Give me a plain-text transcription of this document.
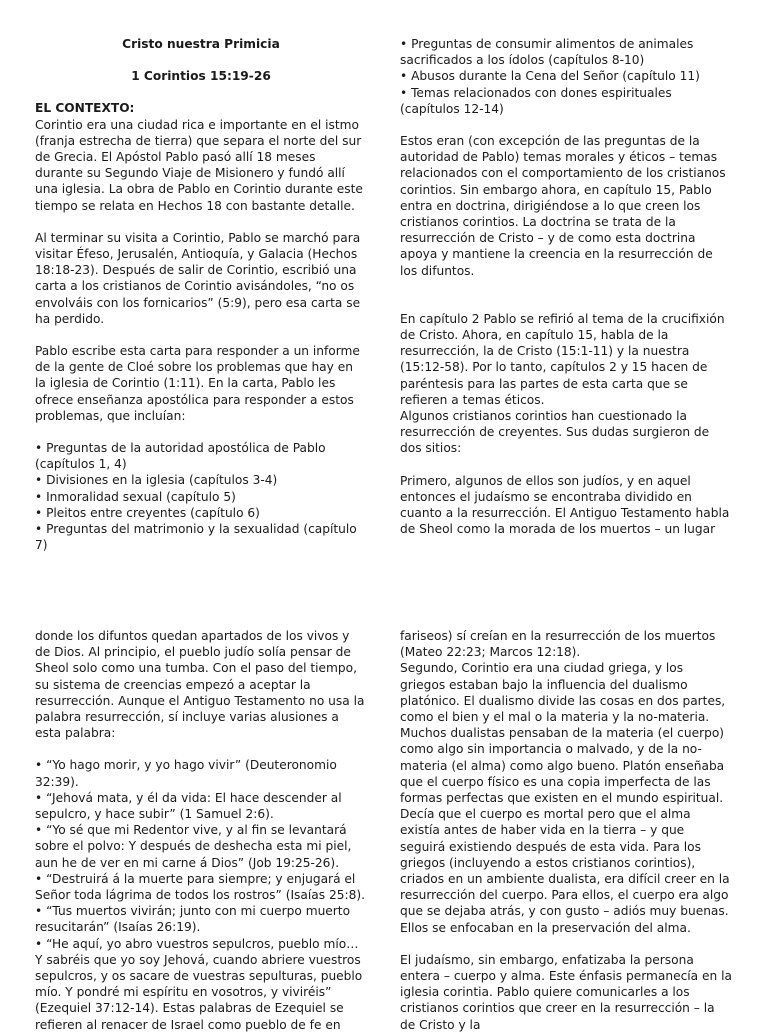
Cristo nuestra Primicia

1 Corintios 15:19-26

EL CONTEXTO:

Corintio era una ciudad rica e importante en el istmo (franja estrecha de tierra) que separa el norte del sur de Grecia. El Apóstol Pablo pasó allí 18 meses durante su Segundo Viaje de Misionero y fundó allí una iglesia. La obra de Pablo en Corintio durante este tiempo se relata en Hechos 18 con bastante detalle.

Al terminar su visita a Corintio, Pablo se marchó para visitar Éfeso, Jerusalén, Antioquía, y Galacia (Hechos 18:18-23). Después de salir de Corintio, escribió una carta a los cristianos de Corintio avisándoles, “no os envolváis con los fornicarios” (5:9), pero esa carta se ha perdido.

Pablo escribe esta carta para responder a un informe de la gente de Cloé sobre los problemas que hay en la iglesia de Corintio (1:11). En la carta, Pablo les ofrece enseñanza apostólica para responder a estos problemas, que incluían:

• Preguntas de la autoridad apostólica de Pablo (capítulos 1, 4)
• Divisiones en la iglesia (capítulos 3-4)
• Inmoralidad sexual (capítulo 5)
• Pleitos entre creyentes (capítulo 6)
• Preguntas del matrimonio y la sexualidad (capítulo 7)
• Preguntas de consumir alimentos de animales sacrificados a los ídolos (capítulos 8-10)
• Abusos durante la Cena del Señor (capítulo 11)
• Temas relacionados con dones espirituales (capítulos 12-14)

Estos eran (con excepción de las preguntas de la autoridad de Pablo) temas morales y éticos – temas relacionados con el comportamiento de los cristianos corintios. Sin embargo ahora, en capítulo 15, Pablo entra en doctrina, dirigiéndose a lo que creen los cristianos corintios. La doctrina se trata de la resurrección de Cristo – y de como esta doctrina apoya y mantiene la creencia en la resurrección de los difuntos.

En capítulo 2 Pablo se refirió al tema de la crucifixión de Cristo. Ahora, en capítulo 15, habla de la resurrección, la de Cristo (15:1-11) y la nuestra (15:12-58). Por lo tanto, capítulos 2 y 15 hacen de paréntesis para las partes de esta carta que se refieren a temas éticos.

Algunos cristianos corintios han cuestionado la resurrección de creyentes. Sus dudas surgieron de dos sitios:

Primero, algunos de ellos son judíos, y en aquel entonces el judaísmo se encontraba dividido en cuanto a la resurrección. El Antiguo Testamento habla de Sheol como la morada de los muertos – un lugar

donde los difuntos quedan apartados de los vivos y de Dios. Al principio, el pueblo judío solía pensar de Sheol solo como una tumba. Con el paso del tiempo, su sistema de creencias empezó a aceptar la resurrección. Aunque el Antiguo Testamento no usa la palabra resurrección, sí incluye varias alusiones a esta palabra:

• “Yo hago morir, y yo hago vivir” (Deuteronomio 32:39).
• “Jehová mata, y él da vida: El hace descender al sepulcro, y hace subir” (1 Samuel 2:6).
• “Yo sé que mi Redentor vive, y al fin se levantará sobre el polvo: Y después de deshecha esta mi piel, aun he de ver en mi carne á Dios” (Job 19:25-26).
• “Destruirá á la muerte para siempre; y enjugará el Señor toda lágrima de todos los rostros” (Isaías 25:8).
• “Tus muertos vivirán; junto con mi cuerpo muerto resucitarán” (Isaías 26:19).
• “He aquí, yo abro vuestros sepulcros, pueblo mío… Y sabréis que yo soy Jehová, cuando abriere vuestros sepulcros, y os sacare de vuestras sepulturas, pueblo mío. Y pondré mi espíritu en vosotros, y viviréis” (Ezequiel 37:12-14). Estas palabras de Ezequiel se refieren al renacer de Israel como pueblo de fe en

fariseos) sí creían en la resurrección de los muertos (Mateo 22:23; Marcos 12:18).

Segundo, Corintio era una ciudad griega, y los griegos estaban bajo la influencia del dualismo platónico. El dualismo divide las cosas en dos partes, como el bien y el mal o la materia y la no-materia. Muchos dualistas pensaban de la materia (el cuerpo) como algo sin importancia o malvado, y de la no-materia (el alma) como algo bueno. Platón enseñaba que el cuerpo físico es una copia imperfecta de las formas perfectas que existen en el mundo espiritual. Decía que el cuerpo es mortal pero que el alma existía antes de haber vida en la tierra – y que seguirá existiendo después de esta vida. Para los griegos (incluyendo a estos cristianos corintios), criados en un ambiente dualista, era difícil creer en la resurrección del cuerpo. Para ellos, el cuerpo era algo que se dejaba atrás, y con gusto – adiós muy buenas. Ellos se enfocaban en la preservación del alma.

El judaísmo, sin embargo, enfatizaba la persona entera – cuerpo y alma. Este énfasis permanecía en la iglesia corintia. Pablo quiere comunicarles a los cristianos corintios que creer en la resurrección – la de Cristo y la
